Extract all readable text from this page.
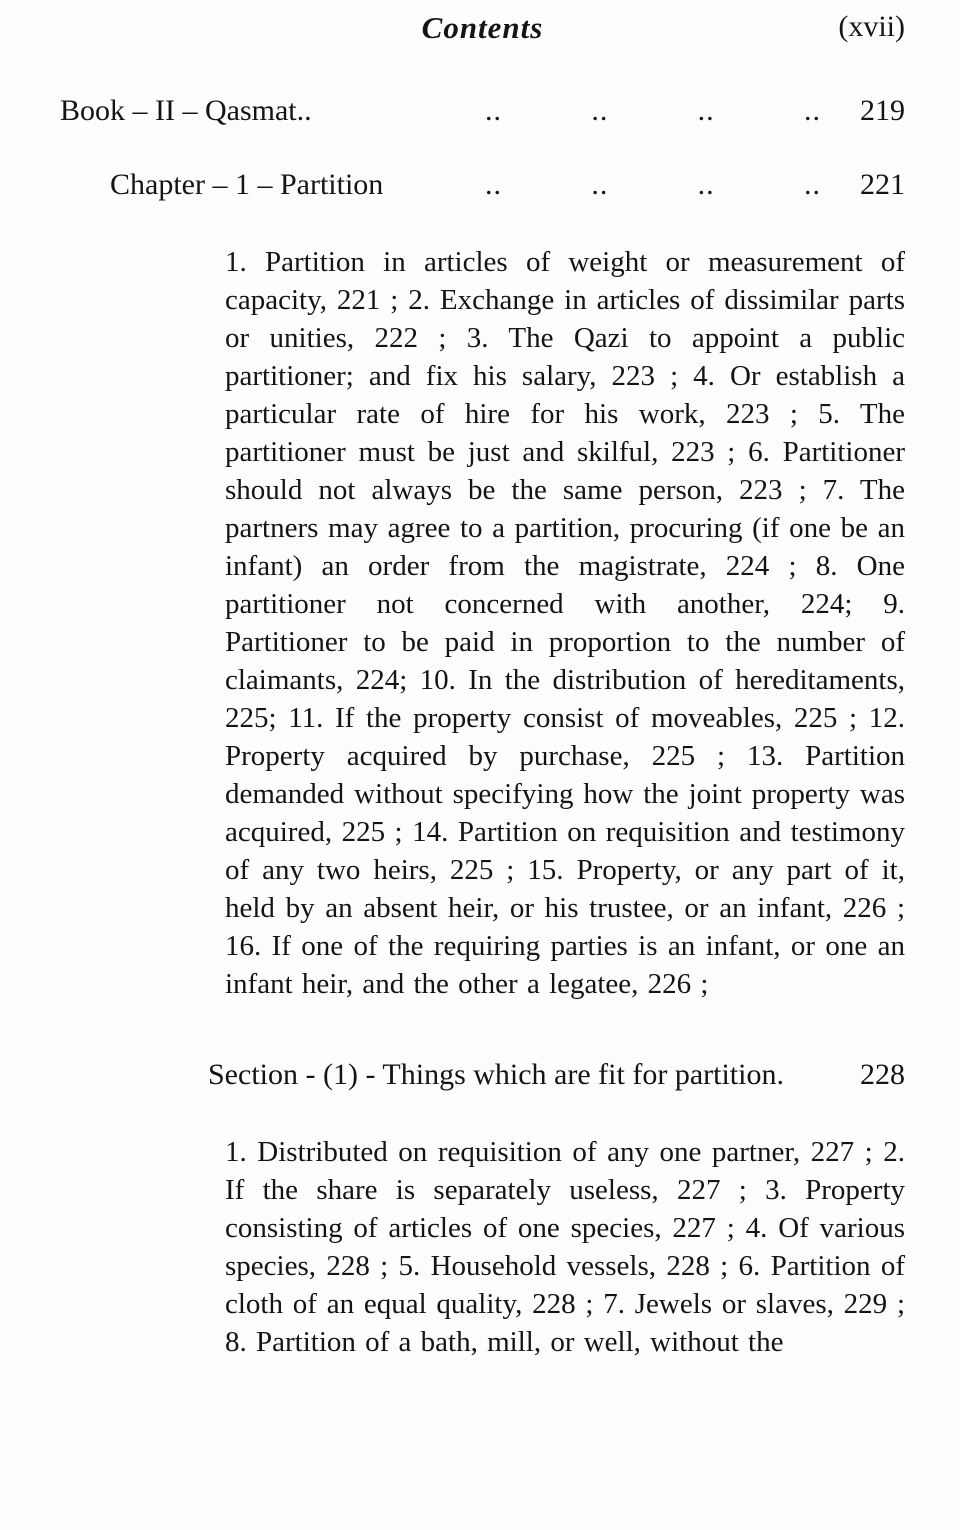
Contents	(xvii)
Book – II – Qasmat..	..	..	..	..	219
Chapter – 1 – Partition	..	..	..	..	221

1. Partition in articles of weight or measurement of capacity, 221 ; 2. Exchange in articles of dissimilar parts or unities, 222 ; 3. The Qazi to appoint a public partitioner; and fix his salary, 223 ; 4. Or establish a particular rate of hire for his work, 223 ; 5. The partitioner must be just and skilful, 223 ; 6. Partitioner should not always be the same person, 223 ; 7. The partners may agree to a partition, procuring (if one be an infant) an order from the magistrate, 224 ; 8. One partitioner not concerned with another, 224; 9. Partitioner to be paid in proportion to the number of claimants, 224; 10. In the distribution of hereditaments, 225; 11. If the property consist of moveables, 225 ; 12. Property acquired by purchase, 225 ; 13. Partition demanded without specifying how the joint property was acquired, 225 ; 14. Partition on requisition and testimony of any two heirs, 225 ; 15. Property, or any part of it, held by an absent heir, or his trustee, or an infant, 226 ; 16. If one of the requiring parties is an infant, or one an infant heir, and the other a legatee, 226 ;

Section - (1) - Things which are fit for partition.	228

1. Distributed on requisition of any one partner, 227 ; 2. If the share is separately useless, 227 ; 3. Property consisting of articles of one species, 227 ; 4. Of various species, 228 ; 5. Household vessels, 228 ; 6. Partition of cloth of an equal quality, 228 ; 7. Jewels or slaves, 229 ; 8. Partition of a bath, mill, or well, without the
